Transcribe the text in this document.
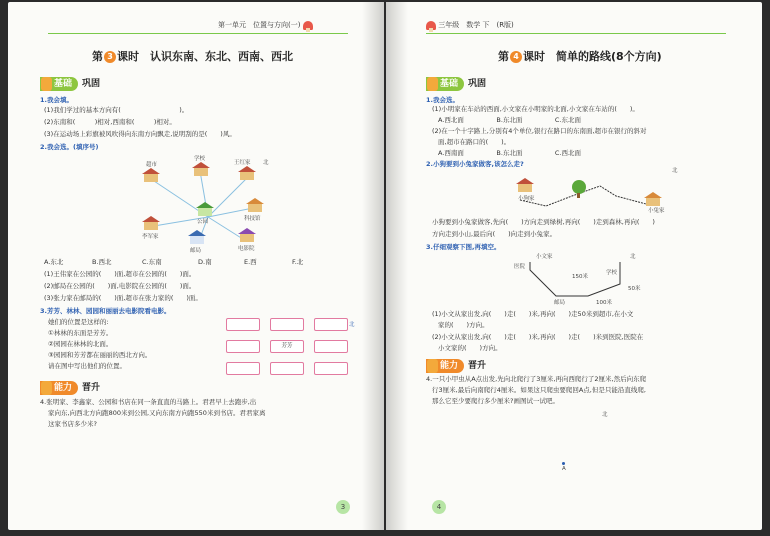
第一单元　位置与方向(一)
第 3 课时　认识东南、东北、西南、西北
基础 巩固
1.我会填。
(1)我们学过的基本方向有(　　　　　　　　　)。
(2)东南和(　　　)相对,西南和(　　　)相对。
(3)在运动场上彩旗被风吹得向东南方向飘走,说明刮的是(　　)风。
2.我会选。(填序号)
超市
学校
王红家 北
公园	科技馆
李军家
邮局	电影院
A.东北	B.西北	C.东南	D.南	E.西	F.北
(1)王伟家在公园的(　　)面,超市在公园的(　　)面。
(2)邮局在公园的(　　)面,电影院在公园的(　　)面。
(3)张力家在邮局的(　　)面,超市在张力家的(　　)面。
3.芳芳、林林、园园和丽丽去电影院看电影。
她们的位置是这样的:
①林林的东面是芳芳。
②园园在林林的北面。
③园园和芳芳都在丽丽的西北方向。
请在图中写出他们的位置。
北
芳芳
能力 晋升
4.张明家、李鑫家、公园和书店在同一条直直的马路上。君君早上去跑步,出
家向东,向西北方向跑800米到公园,又向东南方向跑550米到书店。君君家离
这家书店多少米?
3
三年级　数学 下　(R版)
第 4 课时　简单的路线(8个方向)
基础 巩固
1.我会选。
(1)小明家在车站的西面,小文家在小明家的北面,小文家在车站的(　　)。
A.西北面　　　　　B.东北面　　　　　C.东北面
(2)在一个十字路上,分别有4个单位,银行在路口的东南面,超市在银行的斜对
面,超市在路口的(　　)。
A.西南面　　　　　B.东北面　　　　　C.西北面
2.小狗要到小兔家做客,该怎么走?
小狗家
小兔家
北
小狗要到小兔家做客,先向(　　)方向走到绿树,再向(　　)走到森林,再向(　　)
方向走到小山,最后向(　　)向走到小兔家。
3.仔细观察下图,再填空。
医院
小文家	北
学校
150米
50米
100米
邮局
(1)小文从家出发,向(　　)走(　　)米,再向(　　)走50米到超市,在小文
家的(　　)方向。
(2)小文从家出发,向(　　)走(　　)米,再向(　　)走(　　)米到医院,医院在
小文家的(　　)方向。
能力 晋升
4.一只小甲虫从A点出发,先向北爬行了3厘米,再向西爬行了2厘米,然后向东爬
行3厘米,最后向南爬行4厘米。如果这只爬虫要爬回A点,但是只能沿直线爬,
那么它至少要爬行多少厘米?画图试一试吧。
北
A
4
